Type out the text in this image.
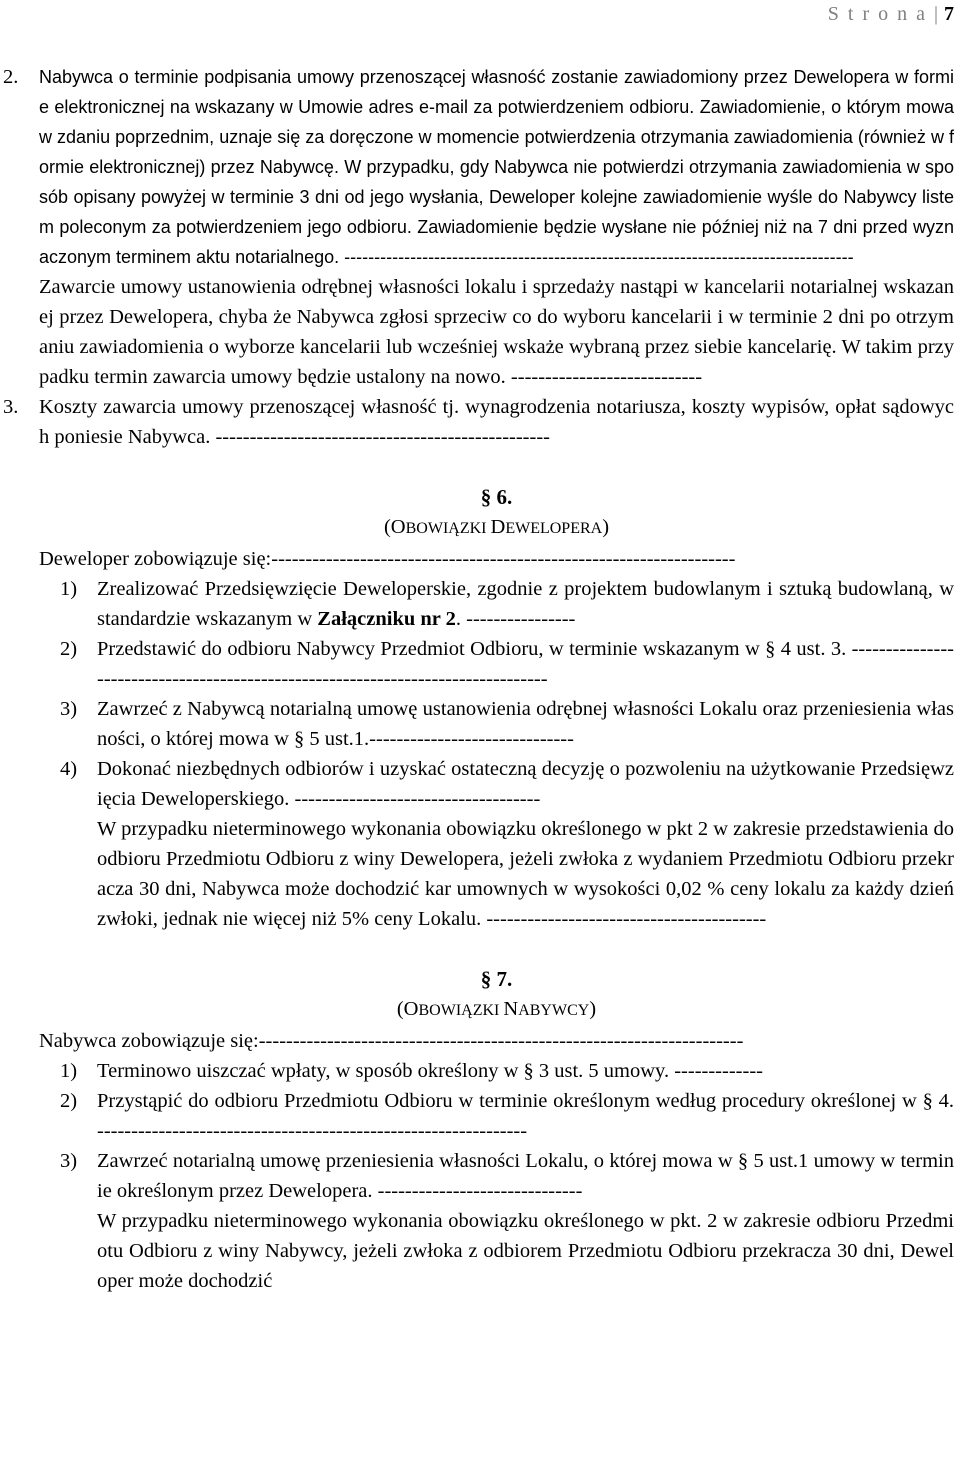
S t r o n a | 7
2. Nabywca o terminie podpisania umowy przenoszącej własność zostanie zawiadomiony przez Dewelopera w formie elektronicznej na wskazany w Umowie adres e-mail za potwierdzeniem odbioru. Zawiadomienie, o którym mowa w zdaniu poprzednim, uznaje się za doręczone w momencie potwierdzenia otrzymania zawiadomienia (również w formie elektronicznej) przez Nabywcę. W przypadku, gdy Nabywca nie potwierdzi otrzymania zawiadomienia w sposób opisany powyżej w terminie 3 dni od jego wysłania, Deweloper kolejne zawiadomienie wyśle do Nabywcy listem poleconym za potwierdzeniem jego odbioru. Zawiadomienie będzie wysłane nie później niż na 7 dni przed wyznaczonym terminem aktu notarialnego. -------------------------------------------------------------------------------------
Zawarcie umowy ustanowienia odrębnej własności lokalu i sprzedaży nastąpi w kancelarii notarialnej wskazanej przez Dewelopera, chyba że Nabywca zgłosi sprzeciw co do wyboru kancelarii i w terminie 2 dni po otrzymaniu zawiadomienia o wyborze kancelarii lub wcześniej wskaże wybraną przez siebie kancelarię. W takim przypadku termin zawarcia umowy będzie ustalony na nowo. ----------------------------
3. Koszty zawarcia umowy przenoszącej własność tj. wynagrodzenia notariusza, koszty wypisów, opłat sądowych poniesie Nabywca. -------------------------------------------------
§ 6.
(OBOWIĄZKI DEWELOPERA)
Deweloper zobowiązuje się:--------------------------------------------------------------------
1) Zrealizować Przedsięwzięcie Deweloperskie, zgodnie z projektem budowlanym i sztuką budowlaną, w standardzie wskazanym w Załączniku nr 2. ----------------
2) Przedstawić do odbioru Nabywcy Przedmiot Odbioru, w terminie wskazanym w § 4 ust. 3. ---------------------------------------------------------------------------------
3) Zawrzeć z Nabywcą notarialną umowę ustanowienia odrębnej własności Lokalu oraz przeniesienia własności, o której mowa w § 5 ust.1.------------------------------
4) Dokonać niezbędnych odbiorów i uzyskać ostateczną decyzję o pozwoleniu na użytkowanie Przedsięwzięcia Deweloperskiego. ------------------------------------
W przypadku nieterminowego wykonania obowiązku określonego w pkt 2 w zakresie przedstawienia do odbioru Przedmiotu Odbioru z winy Dewelopera, jeżeli zwłoka z wydaniem Przedmiotu Odbioru przekracza 30 dni, Nabywca może dochodzić kar umownych w wysokości 0,02 % ceny lokalu za każdy dzień zwłoki, jednak nie więcej niż 5% ceny Lokalu. -----------------------------------------
§ 7.
(OBOWIĄZKI NABYWCY)
Nabywca zobowiązuje się:-----------------------------------------------------------------------
1) Terminowo uiszczać wpłaty, w sposób określony w § 3 ust. 5 umowy. -------------
2) Przystąpić do odbioru Przedmiotu Odbioru w terminie określonym według procedury określonej w § 4. ---------------------------------------------------------------
3) Zawrzeć notarialną umowę przeniesienia własności Lokalu, o której mowa w § 5 ust.1 umowy w terminie określonym przez Dewelopera. ------------------------------
W przypadku nieterminowego wykonania obowiązku określonego w pkt. 2 w zakresie odbioru Przedmiotu Odbioru z winy Nabywcy, jeżeli zwłoka z odbiorem Przedmiotu Odbioru przekracza 30 dni, Deweloper może dochodzić
